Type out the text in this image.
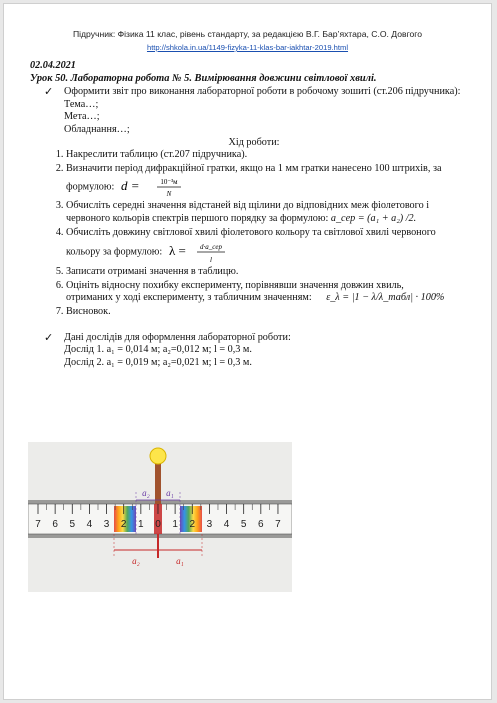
Підручник: Фізика 11 клас, рівень стандарту, за редакцією В.Г. Бар’яхтара, С.О. Довгого
http://shkola.in.ua/1149-fizyka-11-klas-bar-iakhtar-2019.html
02.04.2021
Урок 50. Лабораторна робота № 5. Вимірювання довжини світлової хвилі.
✓ Оформити звіт про виконання лабораторної роботи в робочому зошиті (ст.206 підручника):
Тема…;
Мета…;
Обладнання…;
Хід роботи:
1. Накреслити таблицю (ст.207 підручника).
2. Визначити період дифракційної гратки, якщо на 1 мм гратки нанесено 100 штрихів, за
формулою: d =	10⁻³м
N
3. Обчисліть середні значення відстаней від щілини до відповідних меж фіолетового і
червоного кольорів спектрів першого порядку за формулою: a_cep = (a₁ + a₂) /2.
4. Обчисліть довжину світлової хвилі фіолетового кольору та світлової хвилі червоного
кольору за формулою: λ = d·a_cep
l
5. Записати отримані значення в таблицю.
6. Оцініть відносну похибку експерименту, порівнявши значення довжин хвиль,
отриманих у ході експерименту, з табличним значенням: ε_λ = |1 − λ/λ_табл| · 100%
7. Висновок.
✓ Дані дослідів для оформлення лабораторної роботи:
Дослід 1. a₁ = 0,014 м; a₂=0,012 м; l = 0,3 м.
Дослід 2. a₁ = 0,019 м; a₂=0,021 м; l = 0,3 м.
7 6 5 4 3 2 1 0 1 2 3 4 5 6 7
a₂ a₁
a₂	a₁
